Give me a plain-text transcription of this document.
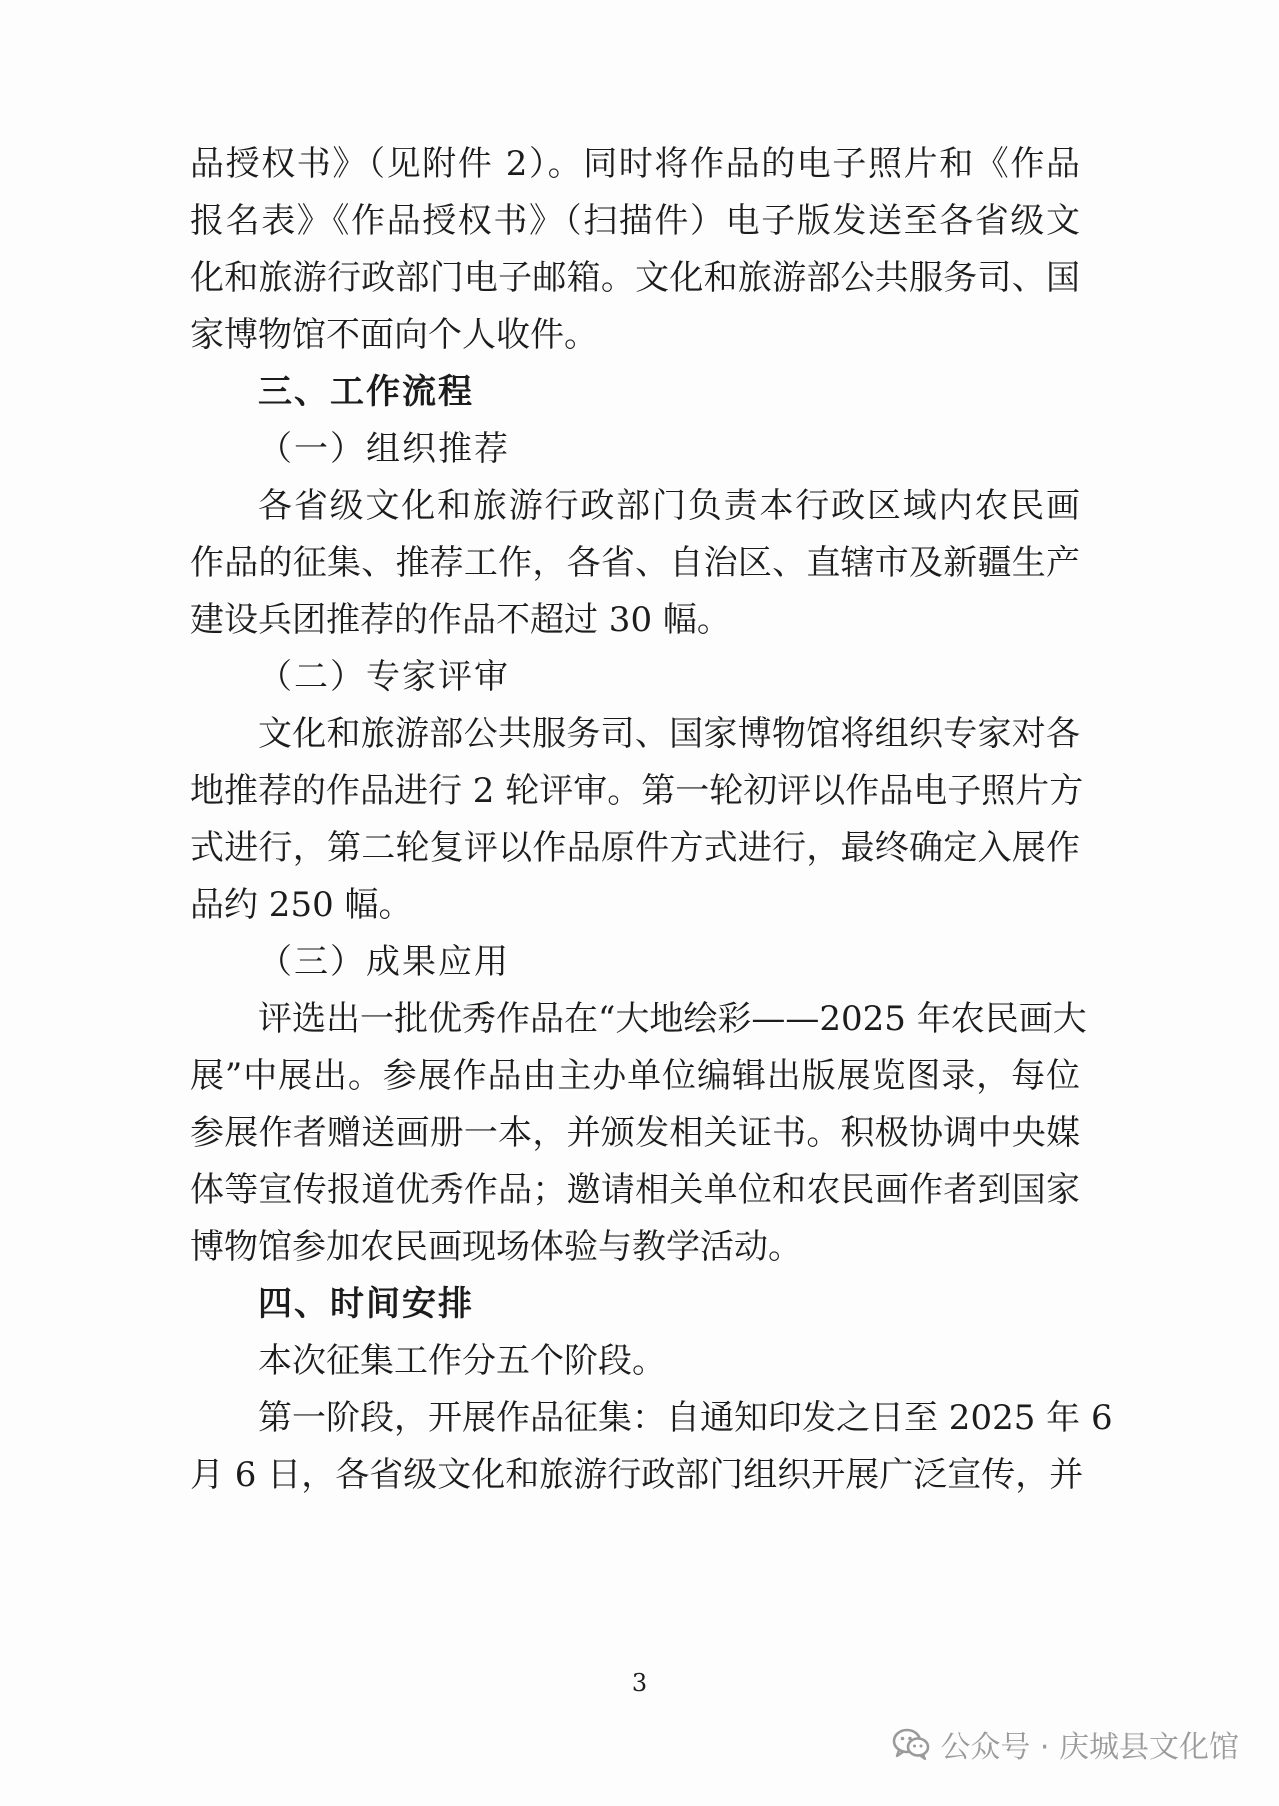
品授权书》（见附件 2）。同时将作品的电子照片和《作品
报名表》《作品授权书》（扫描件）电子版发送至各省级文
化和旅游行政部门电子邮箱。文化和旅游部公共服务司、国
家博物馆不面向个人收件。
三、工作流程
（一）组织推荐
各省级文化和旅游行政部门负责本行政区域内农民画
作品的征集、推荐工作，各省、自治区、直辖市及新疆生产
建设兵团推荐的作品不超过 30 幅。
（二）专家评审
文化和旅游部公共服务司、国家博物馆将组织专家对各
地推荐的作品进行 2 轮评审。第一轮初评以作品电子照片方
式进行，第二轮复评以作品原件方式进行，最终确定入展作
品约 250 幅。
（三）成果应用
评选出一批优秀作品在“大地绘彩——2025 年农民画大
展”中展出。参展作品由主办单位编辑出版展览图录，每位
参展作者赠送画册一本，并颁发相关证书。积极协调中央媒
体等宣传报道优秀作品；邀请相关单位和农民画作者到国家
博物馆参加农民画现场体验与教学活动。
四、时间安排
本次征集工作分五个阶段。
第一阶段，开展作品征集：自通知印发之日至 2025 年 6
月 6 日，各省级文化和旅游行政部门组织开展广泛宣传，并
3
公众号 · 庆城县文化馆
